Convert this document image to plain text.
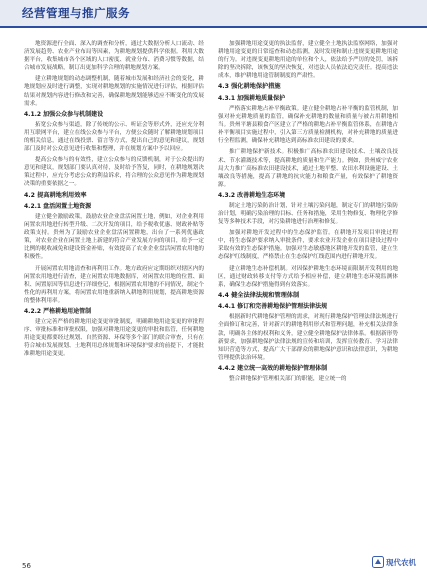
经营管理与推广服务

地资源进行全面、深入的调查和分析，通过大数据分析人口流动、经济发展趋势、农业产业布局等因素，为耕地规划提供科学依据。利用大数据平台，收集城市各个区域的人口密度、就业分布、消费习惯等数据，结合城市发展战略，制订出更加科学合理的耕地规划方案。

建立耕地规划的动态调整机制，随着城市发展和经济社会的变化，耕地规划应及时进行调整，实现对耕地规划的实施情况进行评估，根据评估结果对规划内容进行修改和完善，确保耕地规划能够适应不断变化的发展需求。

4.1.2 加强公众参与机制建设

拓宽公众参与渠道，除了传统的公示、听证会等形式外，还应充分利用互联网平台，建立在线公众参与平台，方便公众随时了解耕地规划项目的相关信息，通过在线投票、留言等方式，提出自己的意见和建议，规划部门及时对公众意见进行收集和整理，并在规划方案中予以回应。

提高公众参与的有效性，建立公众参与的反馈机制，对于公众提出的意见和建议，规划部门要认真对待，及时给予答复，同时，在耕地规划决策过程中，应充分考虑公众的利益诉求，将合理的公众意见作为耕地规划决策的重要依据之一。

4.2 提高耕地利用效率
4.2.1 盘活闲置土地资源

建立健全激励政策，鼓励农业企业盘活闲置土地，例如，对企业利用闲置农用地进行转型升级、二次开发的项目，给予税收优惠、财政补贴等政策支持。贵州为了鼓励农业企业盘活闲置耕地，出台了一系列优惠政策，对农业企业在闲置土地上新建的符合产业发展方向的项目，给予一定比例的税收减免和建设资金补贴，有效提高了农业企业盘活闲置农用地的积极性。

开展闲置农用地清查和再利用工作。地方政府应定期组织对辖区内的闲置农用地进行清查，建立闲置农用地数据库，对闲置农用地的位置、面积、闲置原因等信息进行详细登记，根据闲置农用地的不同情况，制定个性化的再利用方案，将闲置农用地重新纳入耕地利用规划，提高耕地资源的整体利用率。

4.2.2 严格耕地用途管制

建立完善严格的耕地用途变更审批制度，明确耕地用途变更的审批程序、审批标准和审批权限，加强对耕地用途变更的审批和监管，任何耕地用途变更都要经过规划、自然资源、环保等多个部门的联合审查，只有在符合城市发展规划、土地利用总体规划和环境保护要求的前提下，才能批准耕地用途变更。

加强耕地用途变更的执法监督，建立健全土地执法监察网络，加强对耕地用途变更的日常巡查和动态监测，及时发现和制止违规变更耕地用途的行为。对违规变更耕地用途的单位和个人，依法给予严厉的处罚，该拆除的坚决拆除，该恢复的坚决恢复，对违法人员依法追究责任。提高违法成本，维护耕地用途管制制度的严肃性。

4.3 强化耕地保护措施
4.3.1 加强耕地质量保护

严格落实耕地占补平衡政策。建立健全耕地占补平衡的监管机制，加强对补充耕地质量的监管，确保补充耕地的数量和质量与被占用耕地相当。贵州平塘县粮食产区建立了严格的耕地占补平衡监管体系，在耕地占补平衡项目实施过程中，引入第三方质量检测机构，对补充耕地的质量进行全程监测，确保补充耕地达到高标准农田建设的要求。

推广耕地保护新技术。积极推广高标准农田建设技术、土壤改良技术、节水灌溉技术等，提高耕地的质量和生产能力。例如，贵州威宁农业局大力推广高标准农田建设技术，通过土地平整、农田水利设施建设、土壤改良等措施，提高了耕地的抗灾能力和粮食产量，有效保护了耕地资源。

4.3.2 改善耕地生态环境

制定土地污染防治计划，针对土壤污染问题，制定专门的耕地污染防治计划，明确污染治理的目标、任务和措施，采用生物修复、物理化学修复等多种技术手段，对污染耕地进行治理和修复。

加强对耕地开发过程中的生态保护监管。在耕地开发项目审批过程中，将生态保护要求纳入审批条件，要求农业开发企业在项目建设过程中采取有效的生态保护措施。加强对生态敏感地区耕地开发的监管，建立生态保护红线制度，严格禁止在生态保护红线范围内进行耕地开发。

建立耕地生态补偿机制。对因保护耕地生态环境而限制开发利用的地区，通过财政转移支付等方式给予相应补偿，建立耕地生态环境监测体系，确保生态保护措施得到有效落实。

4.4 健全法律法规和管理体制
4.4.1 修订和完善耕地保护管理法律法规

根据新时代耕地保护管理的需求，对现行耕地保护管理法律法规进行全面修订和完善，针对新兴的耕地利用形式和管理问题，补充相关法律条款，明确各主体的权利和义务，建立健全耕地保护法律体系。根据新形势新要求，加强耕地保护法律法规的宣传和培训，发挥宣传教育、学习法律知识营造等方式，提高广大干部群众的耕地保护意识和法律意识，为耕地管理提供法治环境。

4.4.2 建立统一高效的耕地保护管理体制

整合耕地保护管理相关部门的职能，建立统一的

56	现代农机
